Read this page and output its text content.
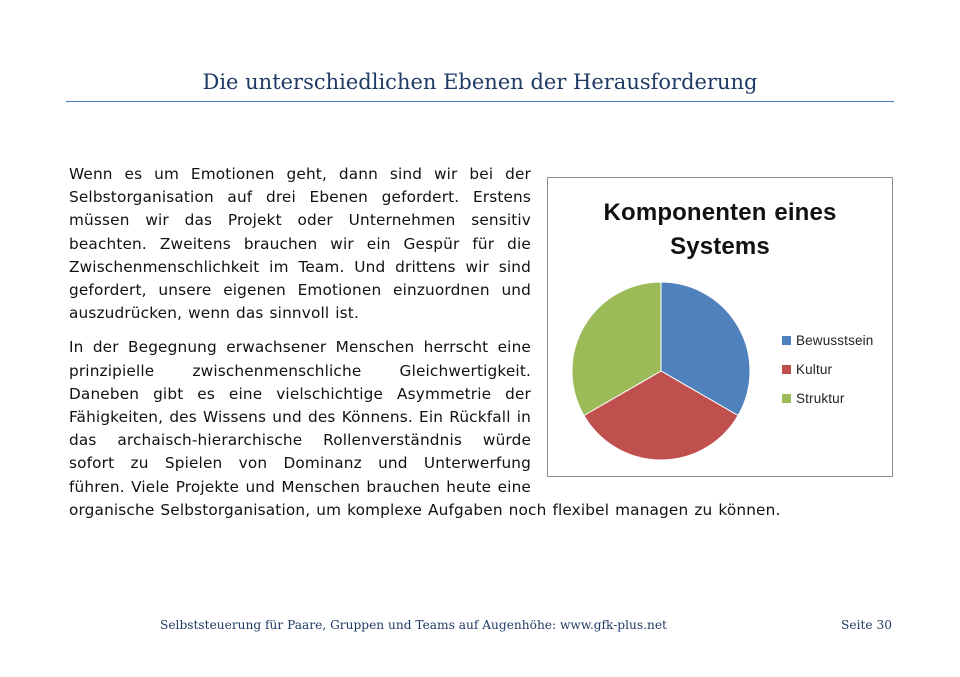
Die unterschiedlichen Ebenen der Herausforderung
Komponenten eines
Systems
Bewusstsein
Kultur
Struktur

Wenn es um Emotionen geht, dann sind wir bei der Selbstorganisation auf drei Ebenen gefordert. Erstens müssen wir das Projekt oder Unternehmen sensitiv beachten. Zweitens brauchen wir ein Gespür für die Zwischenmenschlichkeit im Team. Und drittens wir sind gefordert, unsere eigenen Emotionen einzuordnen und auszudrücken, wenn das sinnvoll ist.

In der Begegnung erwachsener Menschen herrscht eine prinzipielle zwischenmenschliche Gleichwertigkeit. Daneben gibt es eine vielschichtige Asymmetrie der Fähigkeiten, des Wissens und des Könnens. Ein Rückfall in das archaisch-hierarchische Rollenverständnis würde sofort zu Spielen von Dominanz und Unterwerfung führen. Viele Projekte und Menschen brauchen heute eine organische Selbstorganisation, um komplexe Aufgaben noch flexibel managen zu können.

Selbststeuerung für Paare, Gruppen und Teams auf Augenhöhe: www.gfk-plus.net	Seite 30
